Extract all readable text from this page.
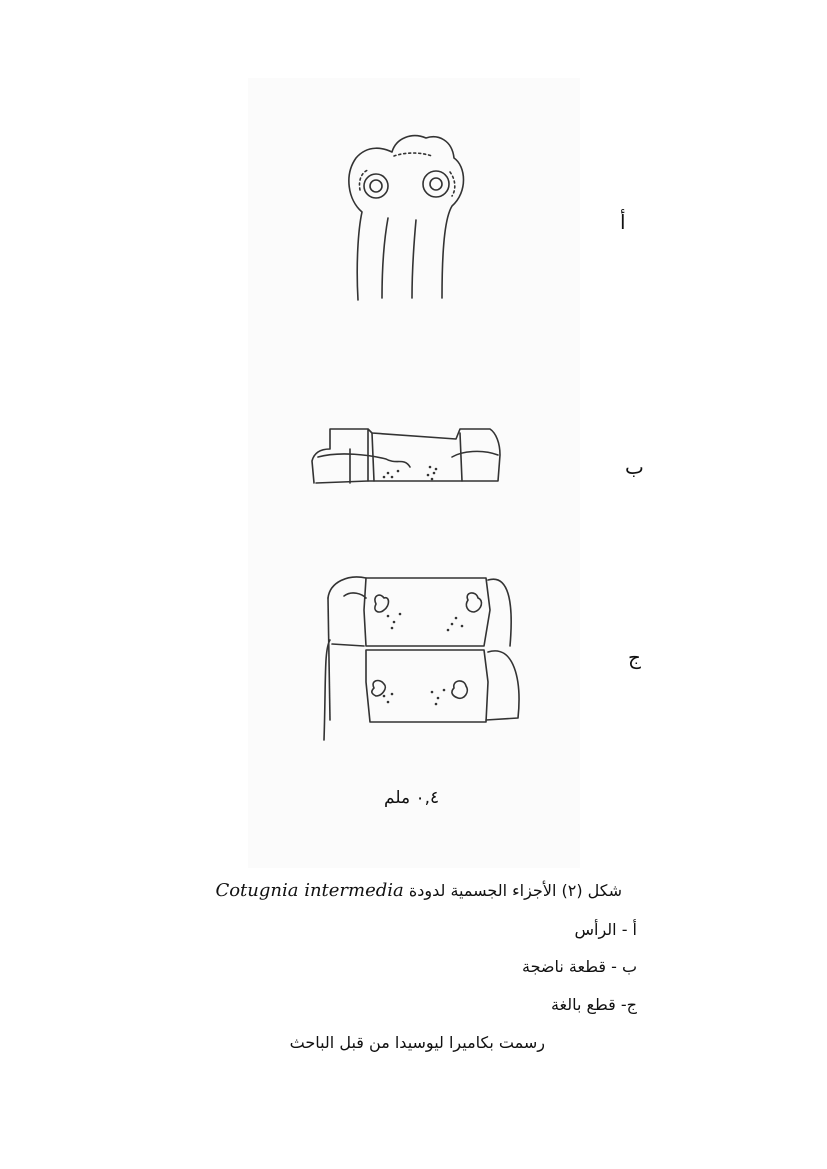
أ
ب
ج
٠,٤ ملم
شكل (٢) الأجزاء الجسمية لدودة Cotugnia intermedia
أ - الرأس
ب - قطعة ناضجة
ج- قطع بالغة
رسمت بكاميرا ليوسيدا من قبل الباحث
